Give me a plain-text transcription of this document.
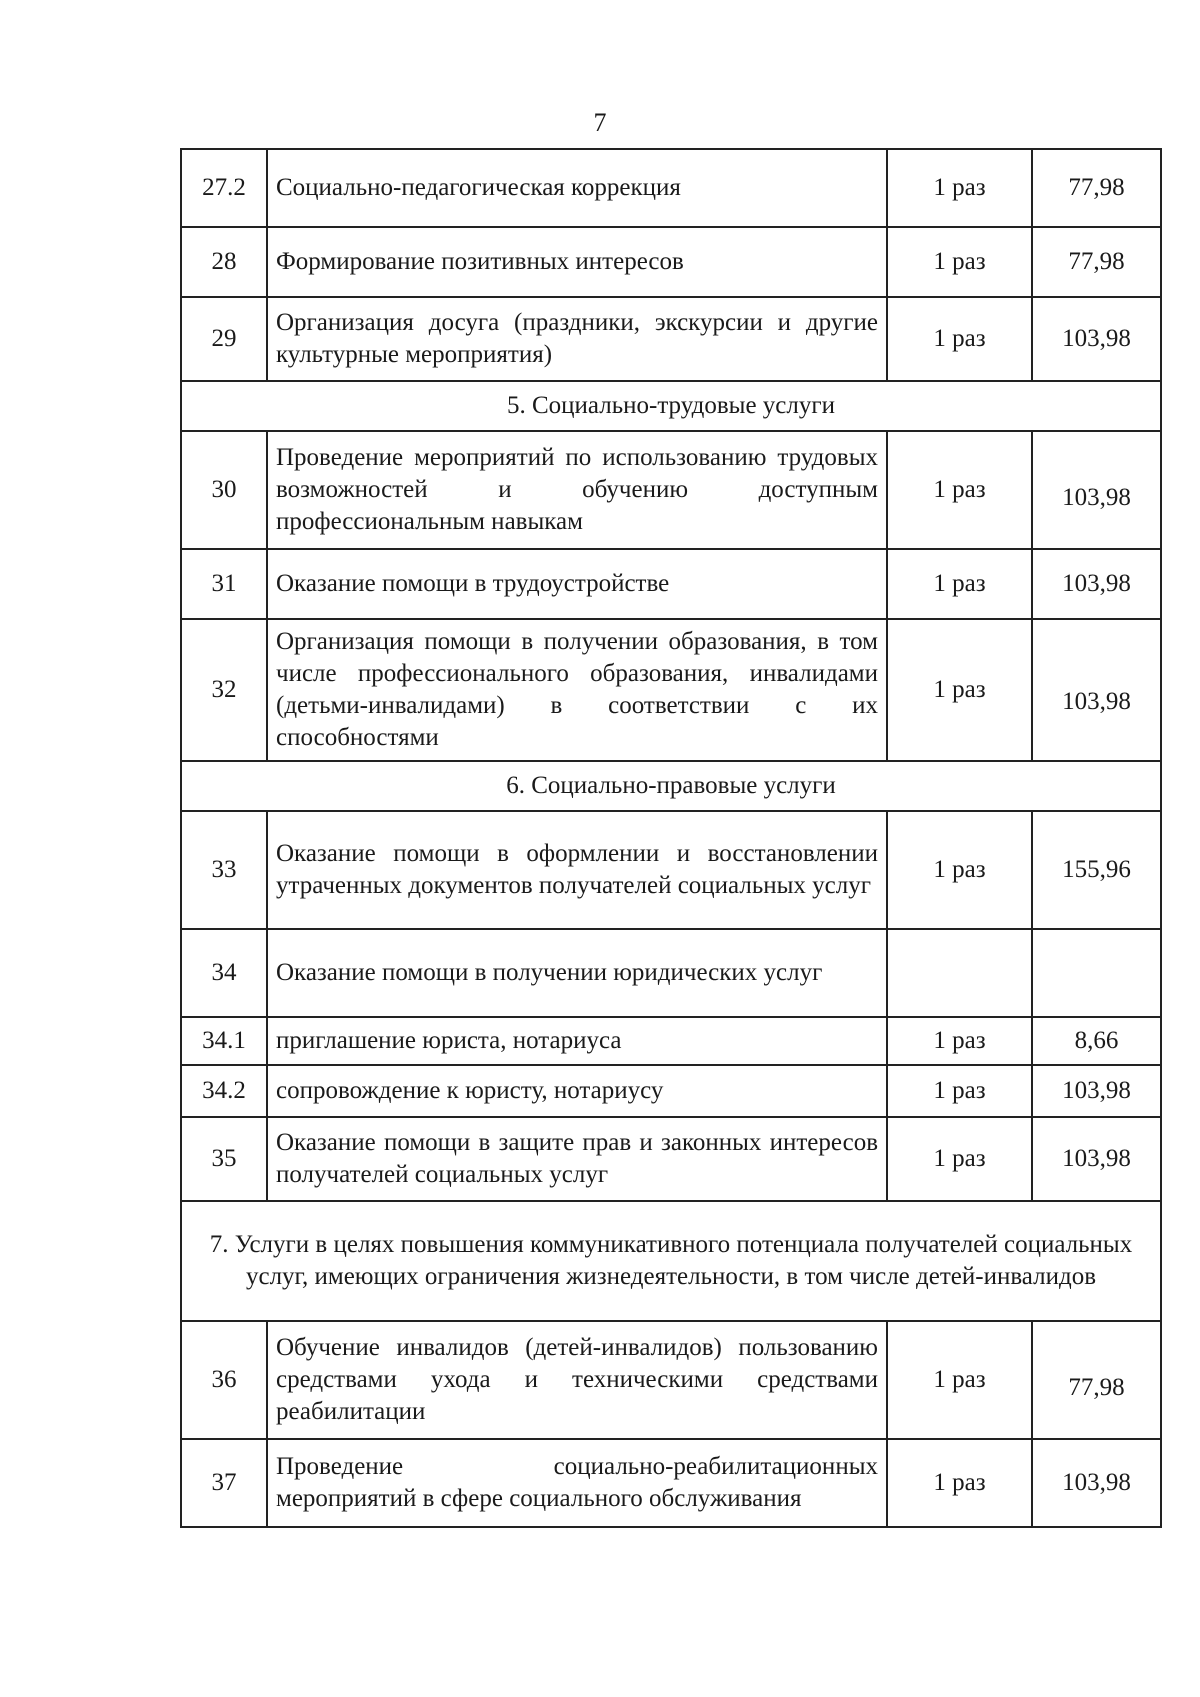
7
27.2	Социально-педагогическая коррекция	1 раз	77,98
28	Формирование позитивных интересов	1 раз	77,98
29	Организация досуга (праздники, экскурсии и другие культурные мероприятия)	1 раз	103,98
5. Социально-трудовые услуги			
30	Проведение мероприятий по использованию трудовых возможностей и обучению доступным профессиональным навыкам	1 раз	103,98
31	Оказание помощи в трудоустройстве	1 раз	103,98
32	Организация помощи в получении образования, в том числе профессионального образования, инвалидами (детьми-инвалидами) в соответствии с их способностями	1 раз	103,98
6. Социально-правовые услуги			
33	Оказание помощи в оформлении и восстановлении утраченных документов получателей социальных услуг	1 раз	155,96
34	Оказание помощи в получении юридических услуг		
34.1	приглашение юриста, нотариуса	1 раз	8,66
34.2	сопровождение к юристу, нотариусу	1 раз	103,98
35	Оказание помощи в защите прав и законных интересов получателей социальных услуг	1 раз	103,98
7. Услуги в целях повышения коммуникативного потенциала получателей социальных услуг, имеющих ограничения жизнедеятельности, в том числе детей-инвалидов			
36	Обучение инвалидов (детей-инвалидов) пользованию средствами ухода и техническими средствами реабилитации	1 раз	77,98
37	Проведение социально-реабилитационных мероприятий в сфере социального обслуживания	1 раз	103,98
